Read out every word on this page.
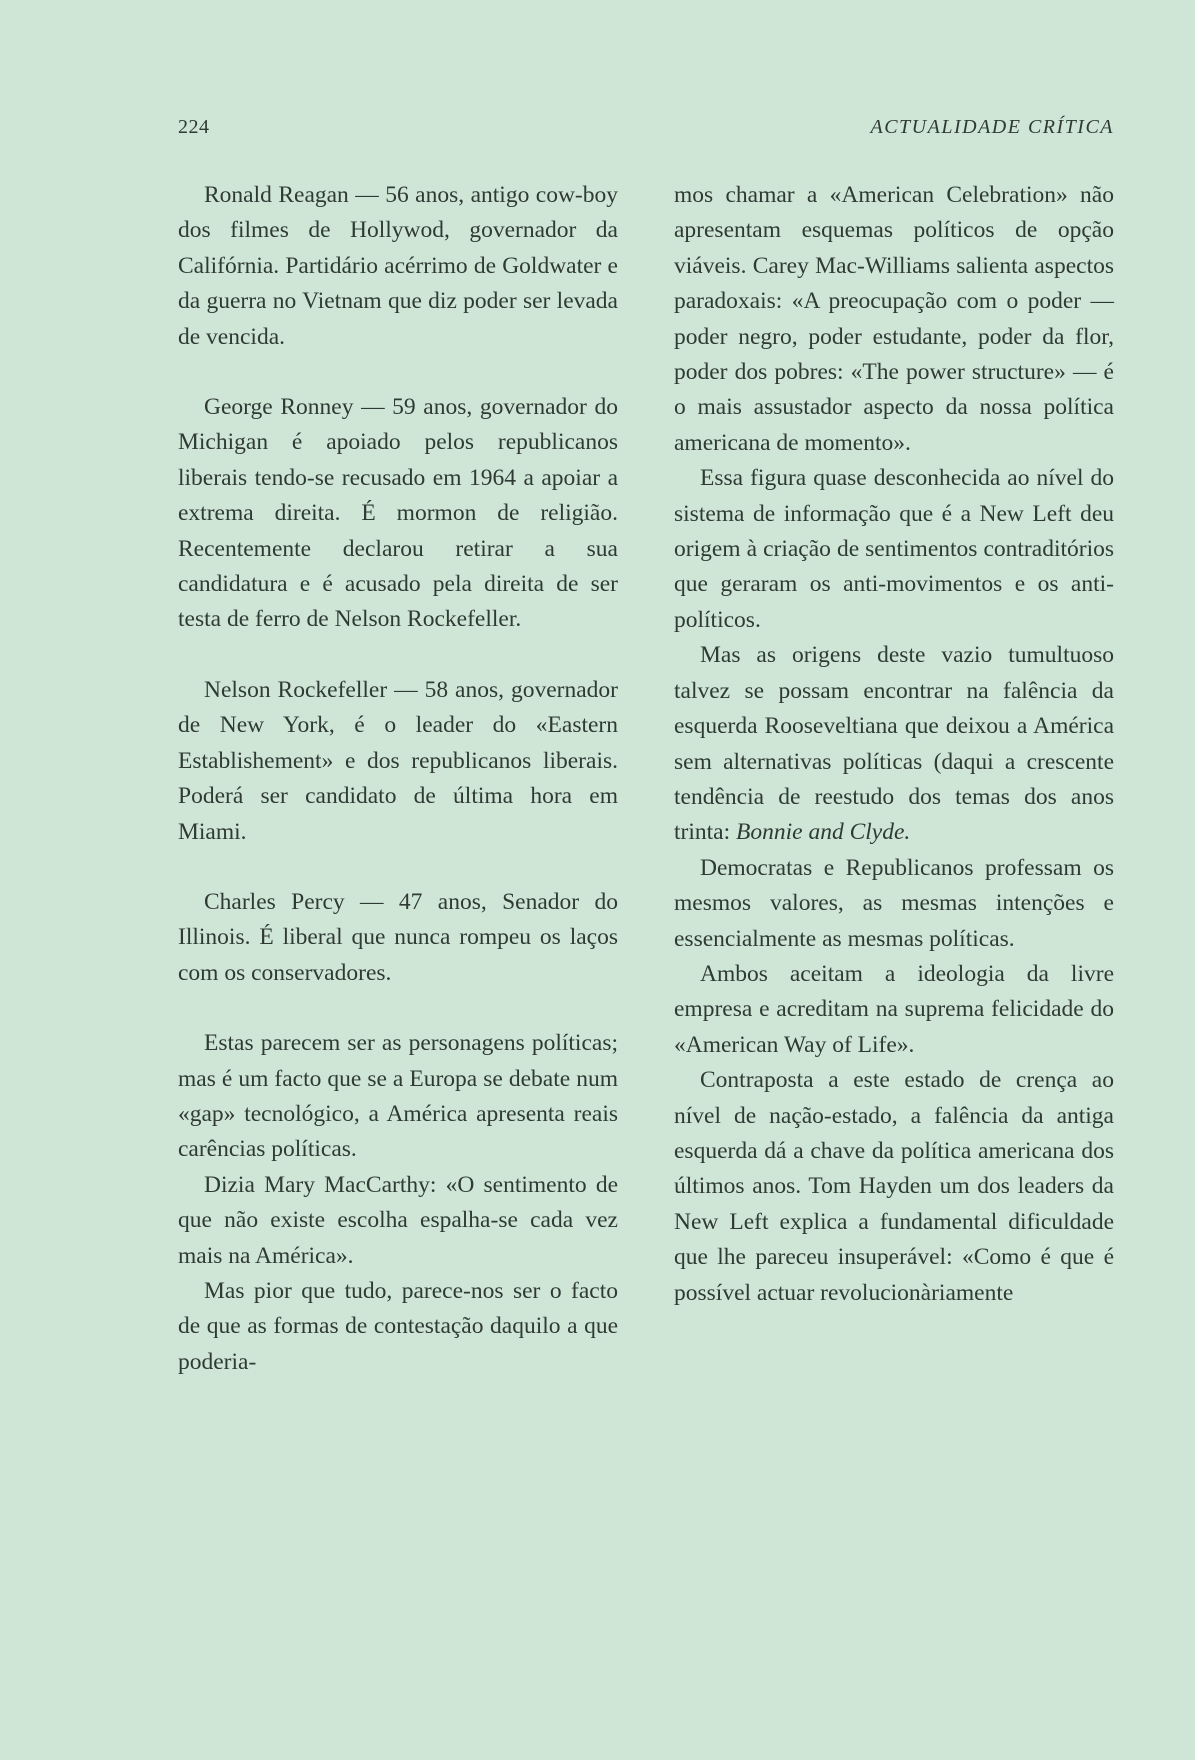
224	ACTUALIDADE CRÍTICA

Ronald Reagan — 56 anos, antigo cow-boy dos filmes de Hollywod, governador da Califórnia. Partidário acérrimo de Goldwater e da guerra no Vietnam que diz poder ser levada de vencida.

George Ronney — 59 anos, governador do Michigan é apoiado pelos republicanos liberais tendo-se recusado em 1964 a apoiar a extrema direita. É mormon de religião. Recentemente declarou retirar a sua candidatura e é acusado pela direita de ser testa de ferro de Nelson Rockefeller.

Nelson Rockefeller — 58 anos, governador de New York, é o leader do «Eastern Establishement» e dos republicanos liberais. Poderá ser candidato de última hora em Miami.

Charles Percy — 47 anos, Senador do Illinois. É liberal que nunca rompeu os laços com os conservadores.

Estas parecem ser as personagens políticas; mas é um facto que se a Europa se debate num «gap» tecnológico, a América apresenta reais carências políticas.

Dizia Mary MacCarthy: «O sentimento de que não existe escolha espalha-se cada vez mais na América».

Mas pior que tudo, parece-nos ser o facto de que as formas de contestação daquilo a que poderia-

mos chamar a «American Celebration» não apresentam esquemas políticos de opção viáveis. Carey Mac-Williams salienta aspectos paradoxais: «A preocupação com o poder — poder negro, poder estudante, poder da flor, poder dos pobres: «The power structure» — é o mais assustador aspecto da nossa política americana de momento».

Essa figura quase desconhecida ao nível do sistema de informação que é a New Left deu origem à criação de sentimentos contraditórios que geraram os anti-movimentos e os anti-políticos.

Mas as origens deste vazio tumultuoso talvez se possam encontrar na falência da esquerda Rooseveltiana que deixou a América sem alternativas políticas (daqui a crescente tendência de reestudo dos temas dos anos trinta: Bonnie and Clyde.

Democratas e Republicanos professam os mesmos valores, as mesmas intenções e essencialmente as mesmas políticas.

Ambos aceitam a ideologia da livre empresa e acreditam na suprema felicidade do «American Way of Life».

Contraposta a este estado de crença ao nível de nação-estado, a falência da antiga esquerda dá a chave da política americana dos últimos anos. Tom Hayden um dos leaders da New Left explica a fundamental dificuldade que lhe pareceu insuperável: «Como é que é possível actuar revolucionàriamente
